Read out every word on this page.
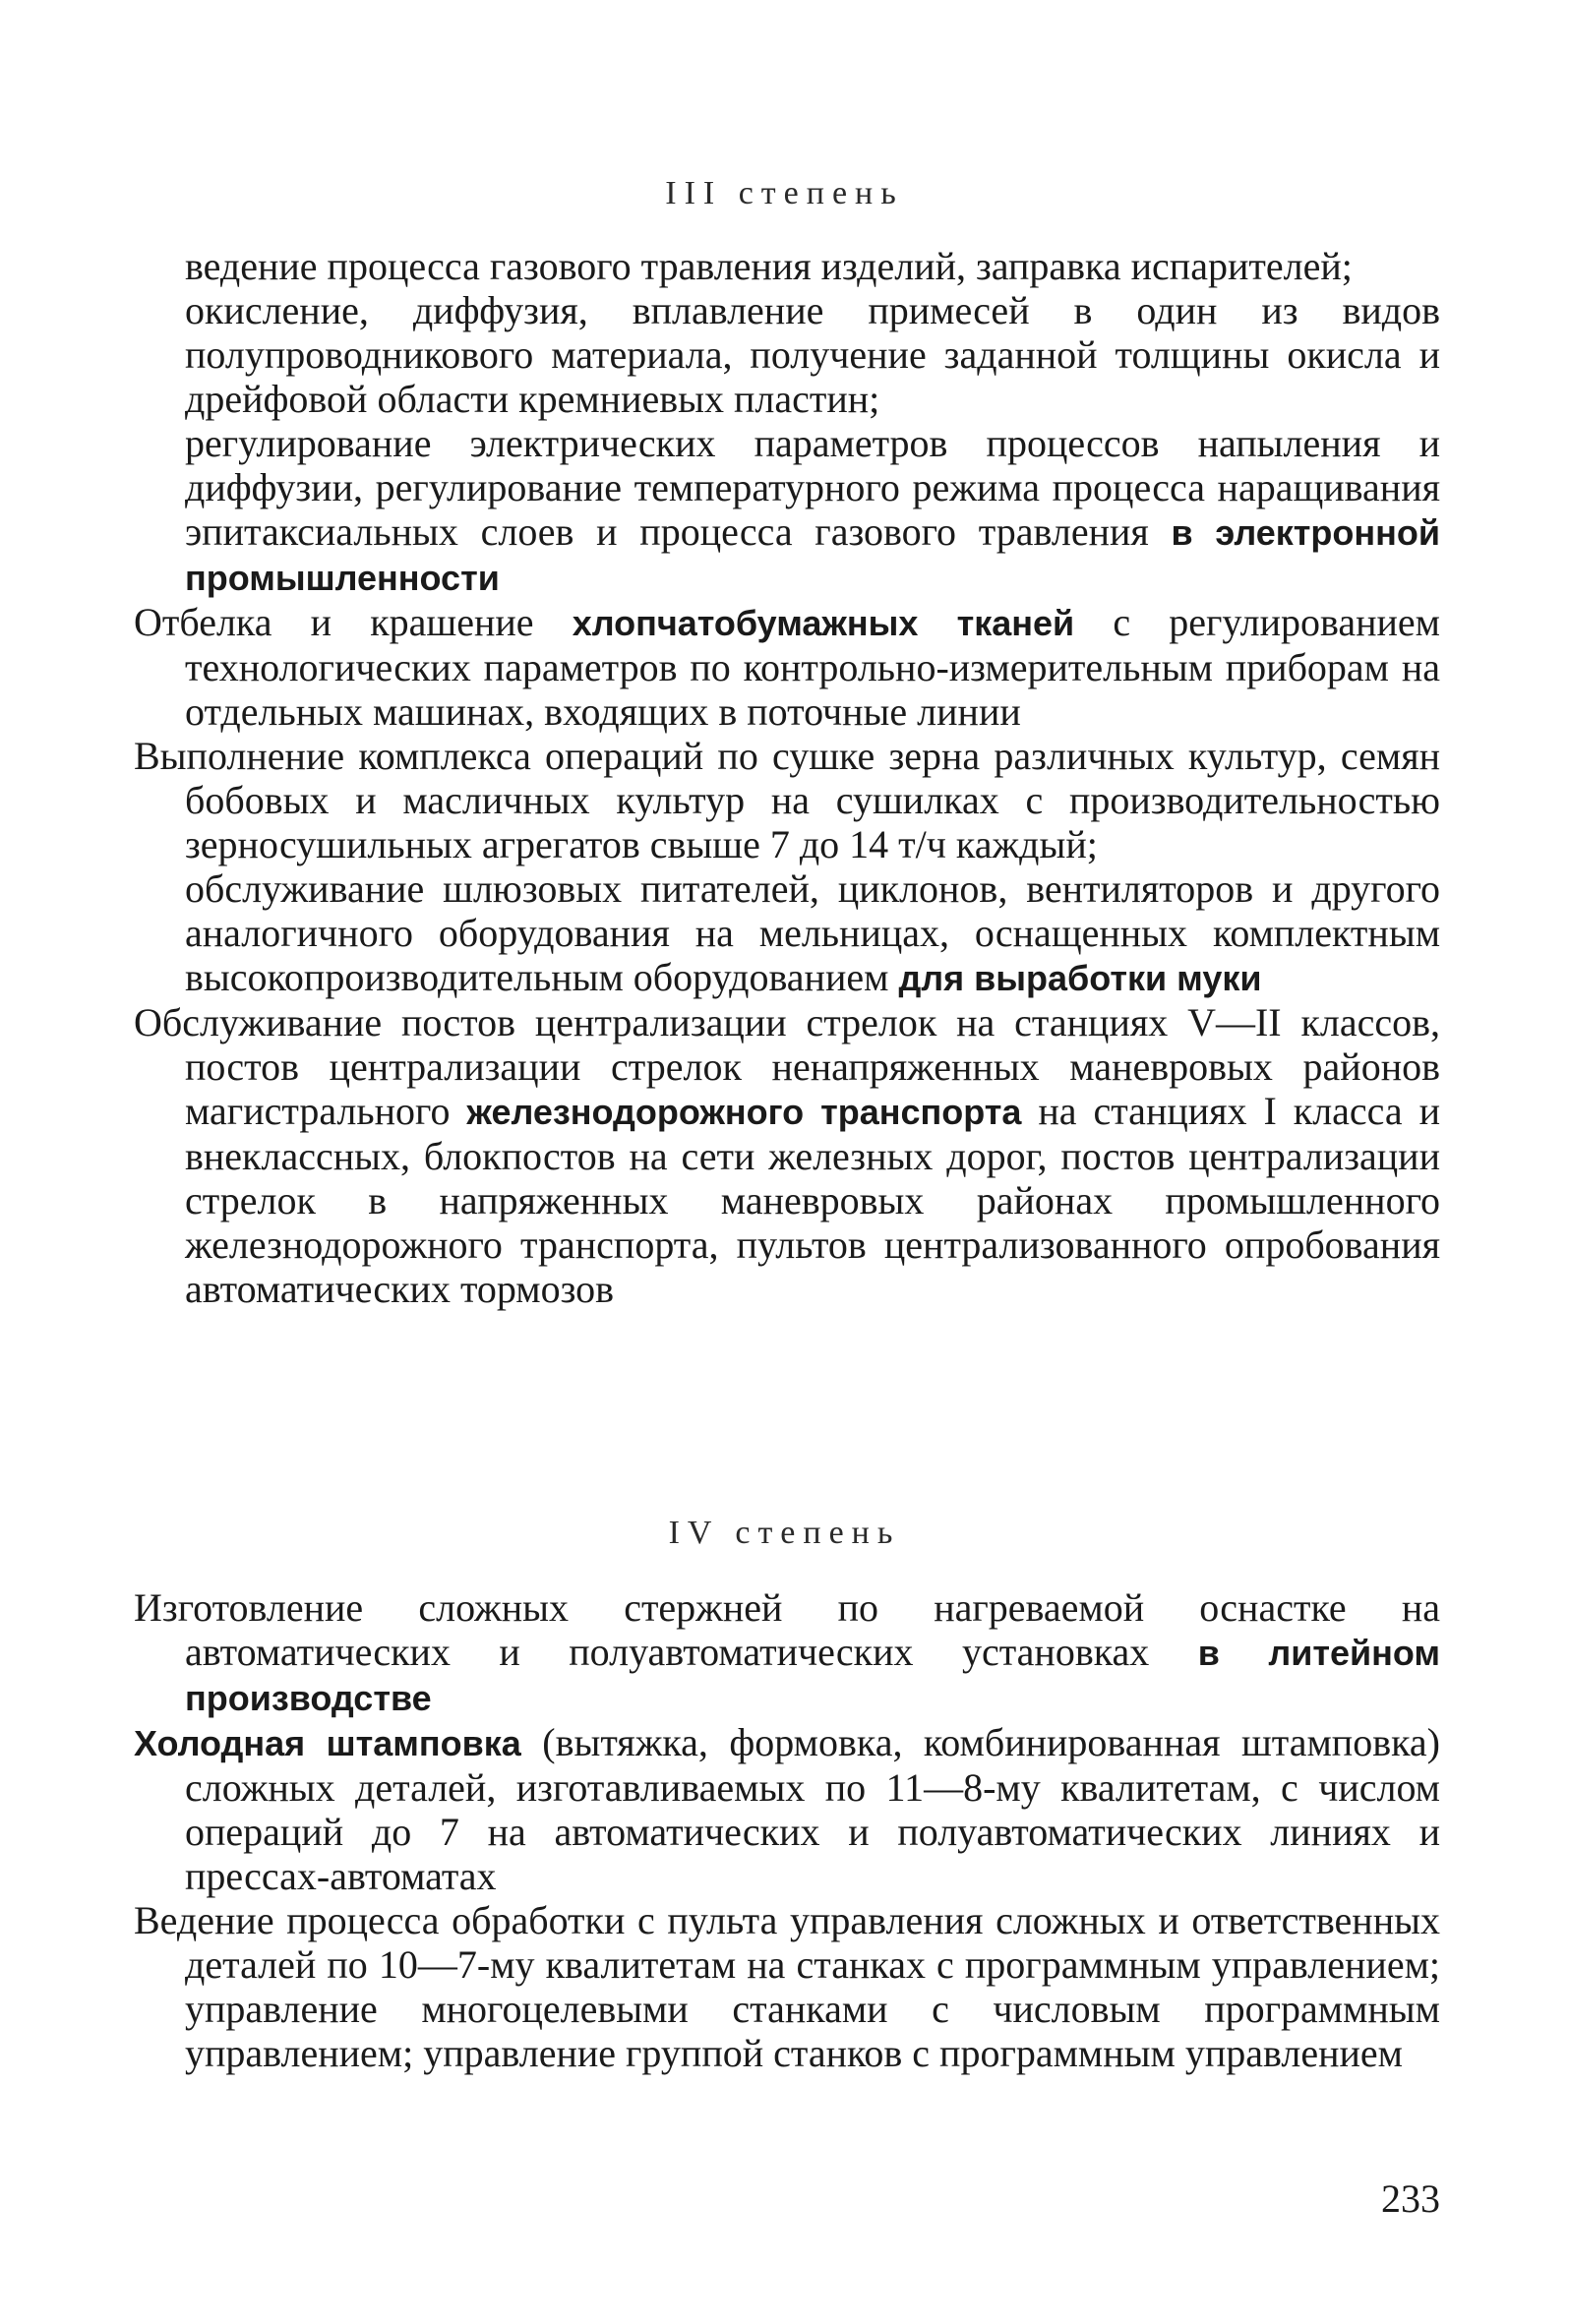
III степень
ведение процесса газового травления изделий, заправка испарителей;
окисление, диффузия, вплавление примесей в один из видов полупроводникового материала, получение заданной толщины окисла и дрейфовой области кремниевых пластин;
регулирование электрических параметров процессов напыления и диффузии, регулирование температурного режима процесса наращивания эпитаксиальных слоев и процесса газового травления в электронной промышленности
Отбелка и крашение хлопчатобумажных тканей с регулированием технологических параметров по контрольно-измерительным приборам на отдельных машинах, входящих в поточные линии
Выполнение комплекса операций по сушке зерна различных культур, семян бобовых и масличных культур на сушилках с производительностью зерносушильных агрегатов свыше 7 до 14 т/ч каждый;
обслуживание шлюзовых питателей, циклонов, вентиляторов и другого аналогичного оборудования на мельницах, оснащенных комплектным высокопроизводительным оборудованием для выработки муки
Обслуживание постов централизации стрелок на станциях V—II классов, постов централизации стрелок ненапряженных маневровых районов магистрального железнодорожного транспорта на станциях I класса и внеклассных, блокпостов на сети железных дорог, постов централизации стрелок в напряженных маневровых районах промышленного железнодорожного транспорта, пультов централизованного опробования автоматических тормозов
IV степень
Изготовление сложных стержней по нагреваемой оснастке на автоматических и полуавтоматических установках в литейном производстве
Холодная штамповка (вытяжка, формовка, комбинированная штамповка) сложных деталей, изготавливаемых по 11—8-му квалитетам, с числом операций до 7 на автоматических и полуавтоматических линиях и прессах-автоматах
Ведение процесса обработки с пульта управления сложных и ответственных деталей по 10—7-му квалитетам на станках с программным управлением; управление многоцелевыми станками с числовым программным управлением; управление группой станков с программным управлением
233
